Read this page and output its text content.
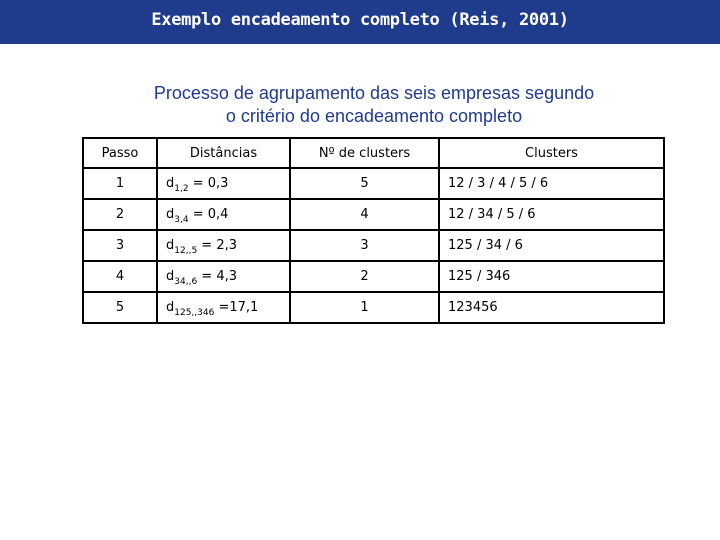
Exemplo encadeamento completo (Reis, 2001)
Processo de agrupamento das seis empresas segundo
o critério do encadeamento completo
Passo	Distâncias	Nº de clusters	Clusters
1	$d_{1,2} = 0,3$	5	12 / 3 / 4 / 5 / 6
2	$d_{3,4} = 0,4$	4	12 / 34 / 5 / 6
3	$d_{12,,5} = 2,3$	3	125 / 34 / 6
4	$d_{34,,6} = 4,3$	2	125 / 346
5	$d_{125,,346} =17,1$	1	123456
